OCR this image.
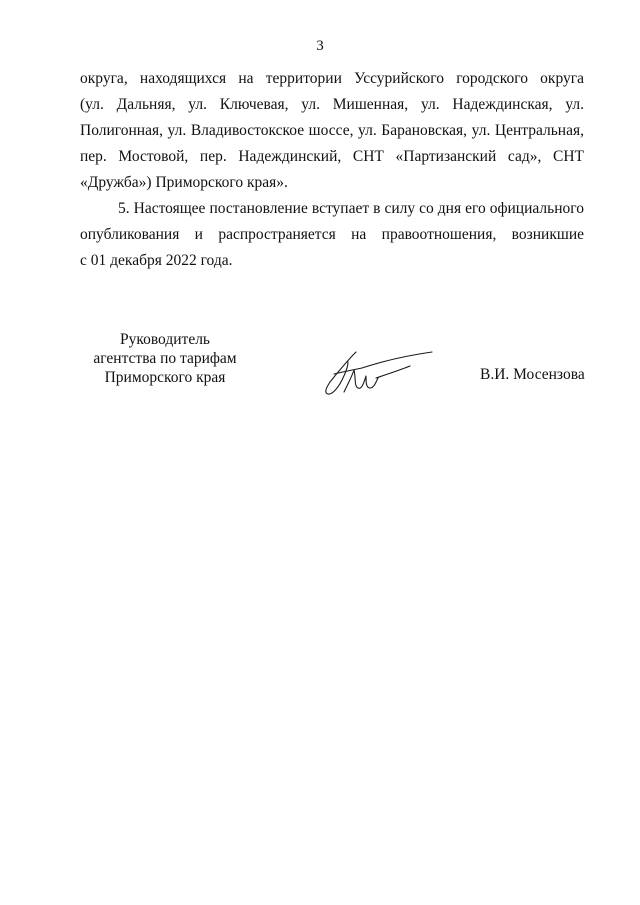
3
округа, находящихся на территории Уссурийского городского округа
(ул. Дальняя, ул. Ключевая, ул. Мишенная, ул. Надеждинская, ул.
Полигонная, ул. Владивостокское шоссе, ул. Барановская, ул. Центральная,
пер. Мостовой, пер. Надеждинский, СНТ «Партизанский сад», СНТ
«Дружба») Приморского края».
5. Настоящее постановление вступает в силу со дня его официального
опубликования и распространяется на правоотношения, возникшие
с 01 декабря 2022 года.
Руководитель
агентства по тарифам
Приморского края	В.И. Мосензова
